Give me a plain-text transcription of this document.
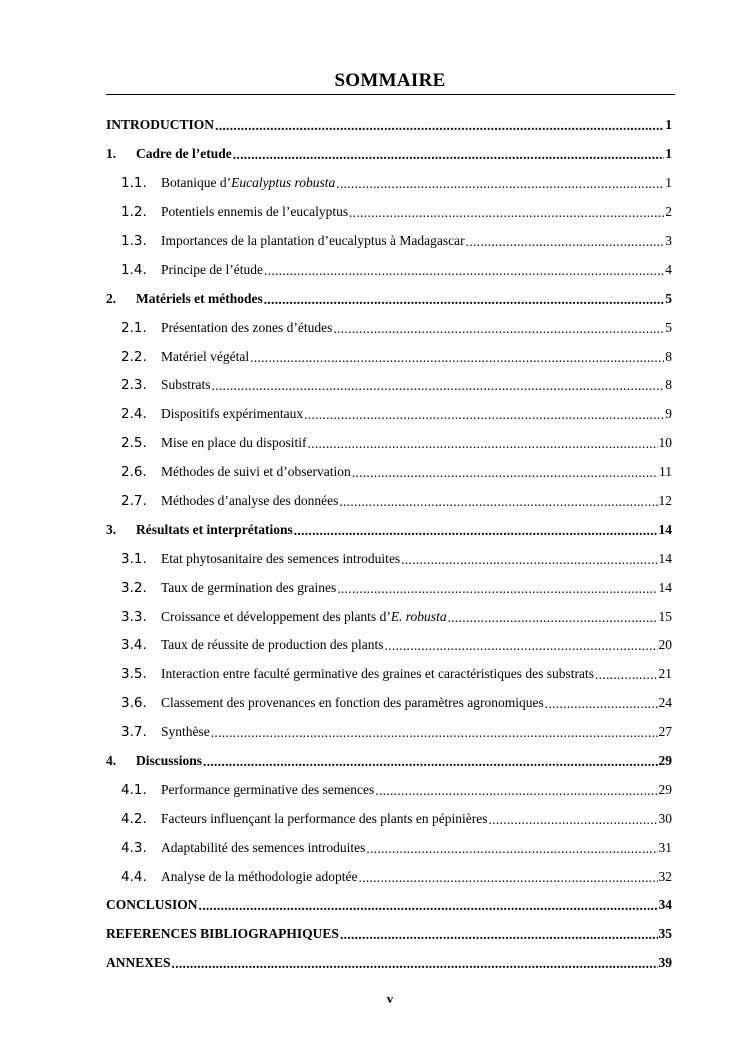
SOMMAIRE
INTRODUCTION .....	1
1.	Cadre de l’etude .....	1
1.1.	Botanique d’Eucalyptus robusta .....	1
1.2.	Potentiels ennemis de l’eucalyptus .....	2
1.3.	Importances de la plantation d’eucalyptus à Madagascar .....	3
1.4.	Principe de l’étude .....	4
2.	Matériels et méthodes .....	5
2.1.	Présentation des zones d’études .....	5
2.2.	Matériel végétal .....	8
2.3.	Substrats .....	8
2.4.	Dispositifs expérimentaux .....	9
2.5.	Mise en place du dispositif .....	10
2.6.	Méthodes de suivi et d’observation .....	11
2.7.	Méthodes d’analyse des données .....	12
3.	Résultats et interprétations .....	14
3.1.	Etat phytosanitaire des semences introduites .....	14
3.2.	Taux de germination des graines .....	14
3.3.	Croissance et développement des plants d’E. robusta .....	15
3.4.	Taux de réussite de production des plants .....	20
3.5.	Interaction entre faculté germinative des graines et caractéristiques des substrats .....	21
3.6.	Classement des provenances en fonction des paramètres agronomiques .....	24
3.7.	Synthèse .....	27
4.	Discussions .....	29
4.1.	Performance germinative des semences .....	29
4.2.	Facteurs influençant la performance des plants en pépinières .....	30
4.3.	Adaptabilité des semences introduites .....	31
4.4.	Analyse de la méthodologie adoptée .....	32
CONCLUSION .....	34
REFERENCES BIBLIOGRAPHIQUES .....	35
ANNEXES .....	39
v
